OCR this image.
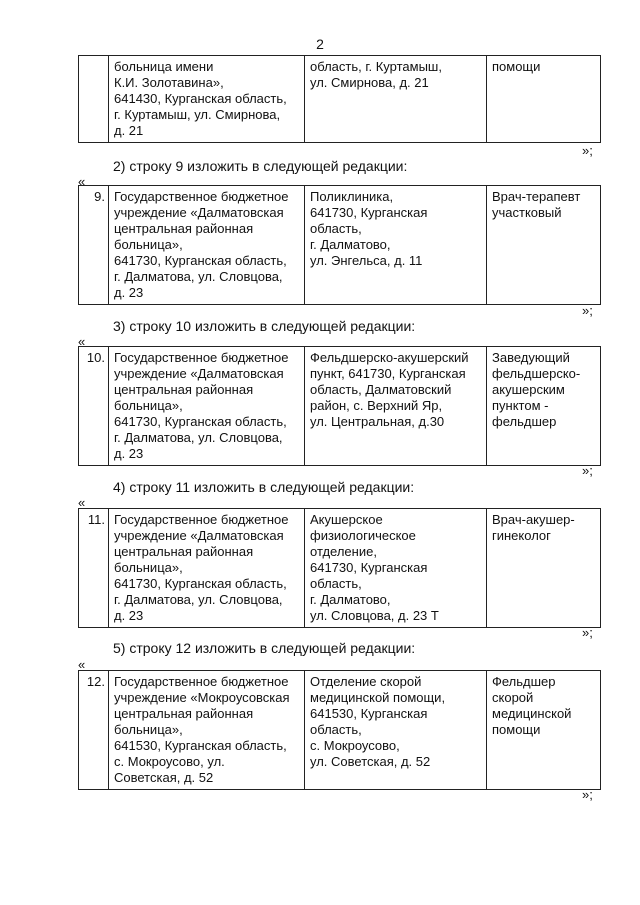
2
	больница имени
К.И. Золотавина»,
641430, Курганская область,
г. Куртамыш, ул. Смирнова,
д. 21	область, г. Куртамыш,
ул. Смирнова, д. 21	помощи
»;
2) строку 9 изложить в следующей редакции:
«
9.	Государственное бюджетное
учреждение «Далматовская
центральная районная
больница»,
641730, Курганская область,
г. Далматова, ул. Словцова,
д. 23	Поликлиника,
641730, Курганская
область,
г. Далматово,
ул. Энгельса, д. 11	Врач-терапевт
участковый
»;
3) строку 10 изложить в следующей редакции:
«
10.	Государственное бюджетное
учреждение «Далматовская
центральная районная
больница»,
641730, Курганская область,
г. Далматова, ул. Словцова,
д. 23	Фельдшерско-акушерский
пункт, 641730, Курганская
область, Далматовский
район, с. Верхний Яр,
ул. Центральная, д.30	Заведующий
фельдшерско-
акушерским
пунктом -
фельдшер
»;
4) строку 11 изложить в следующей редакции:
«
11.	Государственное бюджетное
учреждение «Далматовская
центральная районная
больница»,
641730, Курганская область,
г. Далматова, ул. Словцова,
д. 23	Акушерское
физиологическое
отделение,
641730, Курганская
область,
г. Далматово,
ул. Словцова, д. 23 Т	Врач-акушер-
гинеколог
»;
5) строку 12 изложить в следующей редакции:
«
12.	Государственное бюджетное
учреждение «Мокроусовская
центральная районная
больница»,
641530, Курганская область,
с. Мокроусово, ул.
Советская, д. 52	Отделение скорой
медицинской помощи,
641530, Курганская
область,
с. Мокроусово,
ул. Советская, д. 52	Фельдшер
скорой
медицинской
помощи
»;
